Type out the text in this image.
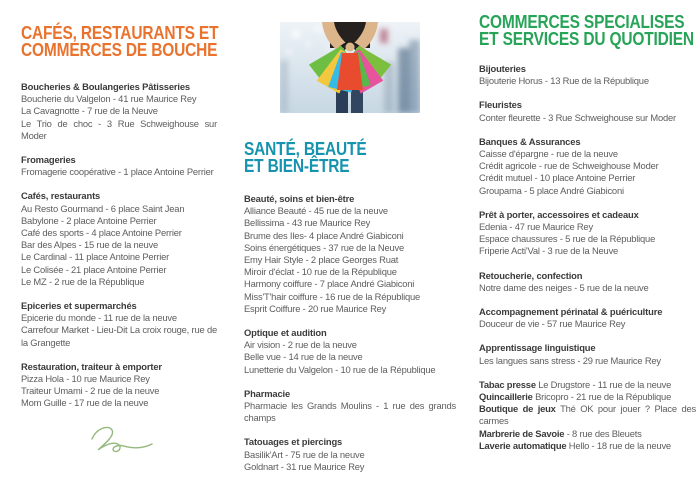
CAFÉS, RESTAURANTS ET
COMMERCES DE BOUCHE
Boucheries & Boulangeries Pâtisseries

Boucherie du Valgelon - 41 rue Maurice Rey

La Cavagnotte - 7 rue de la Neuve

Le Trio de choc - 3 Rue Schweighouse sur Moder

Fromageries

Fromagerie coopérative - 1 place Antoine Perrier

Cafés, restaurants

Au Resto Gourmand - 6 place Saint Jean

Babylone - 2 place Antoine Perrier

Café des sports - 4 place Antoine Perrier

Bar des Alpes - 15 rue de la neuve

Le Cardinal - 11 place Antoine Perrier

Le Colisée - 21 place Antoine Perrier

Le MZ - 2 rue de la République

Epiceries et supermarchés

Epicerie du monde - 11 rue de la neuve

Carrefour Market - Lieu-Dit La croix rouge, rue de la Grangette

Restauration, traiteur à emporter

Pizza Hola - 10 rue Maurice Rey

Traiteur Umami - 2 rue de la neuve

Mom Guille - 17 rue de la neuve

SANTÉ, BEAUTÉ
ET BIEN-ÊTRE
Beauté, soins et bien-être

Alliance Beauté - 45 rue de la neuve

Bellissima - 43 rue Maurice Rey

Brume des Iles- 4 place André Giabiconi

Soins énergétiques - 37 rue de la Neuve

Emy Hair Style - 2 place Georges Ruat

Miroir d'éclat - 10 rue de la République

Harmony coiffure - 7 place André Giabiconi

Miss'T'hair coiffure - 16 rue de la République

Esprit Coiffure - 20 rue Maurice Rey

Optique et audition

Air vision - 2 rue de la neuve

Belle vue - 14 rue de la neuve

Lunetterie du Valgelon - 10 rue de la République

Pharmacie

Pharmacie les Grands Moulins - 1 rue des grands champs

Tatouages et piercings

Basilik'Art - 75 rue de la neuve

Goldnart - 31 rue Maurice Rey

COMMERCES SPECIALISES
ET SERVICES DU QUOTIDIEN
Bijouteries

Bijouterie Horus - 13 Rue de la République

Fleuristes

Conter fleurette - 3 Rue Schweighouse sur Moder

Banques & Assurances

Caisse d'épargne - rue de la neuve

Crédit agricole - rue de Schweighouse Moder

Crédit mutuel - 10 place Antoine Perrier

Groupama - 5 place André Giabiconi

Prêt à porter, accessoires et cadeaux

Edenia - 47 rue Maurice Rey

Espace chaussures - 5 rue de la République

Friperie Acti'Val - 3 rue de la Neuve

Retoucherie, confection

Notre dame des neiges - 5 rue de la neuve

Accompagnement périnatal & puériculture

Douceur de vie - 57 rue Maurice Rey

Apprentissage linguistique

Les langues sans stress - 29 rue Maurice Rey

Tabac presse Le Drugstore - 11 rue de la neuve

Quincaillerie Bricopro - 21 rue de la République

Boutique de jeux Thé OK pour jouer ? Place des carmes

Marbrerie de Savoie - 8 rue des Bleuets

Laverie automatique Hello - 18 rue de la neuve
